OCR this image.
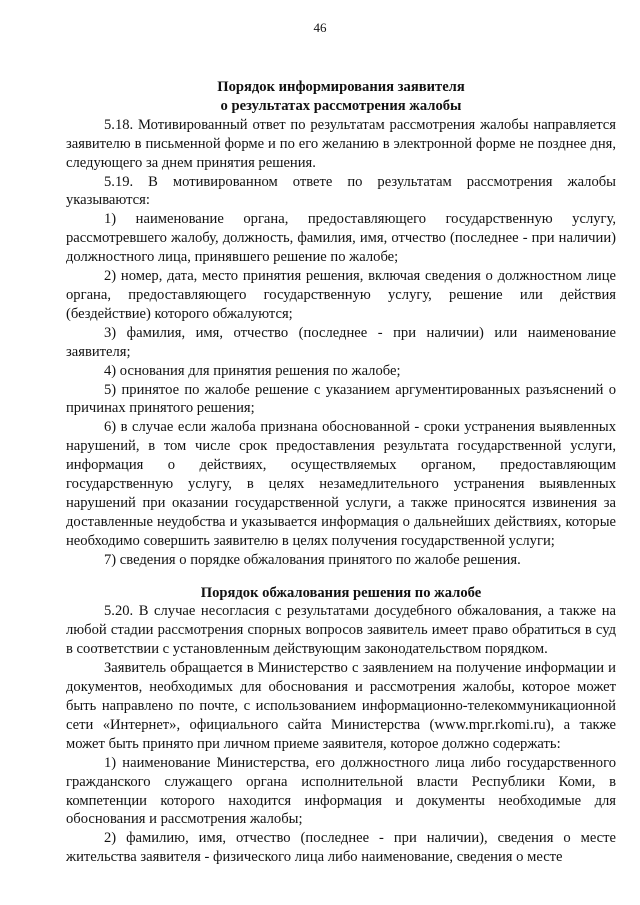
46

Порядок информирования заявителя

о результатах рассмотрения жалобы

5.18. Мотивированный ответ по результатам рассмотрения жалобы направляется заявителю в письменной форме и по его желанию в электронной форме не позднее дня, следующего за днем принятия решения.

5.19. В мотивированном ответе по результатам рассмотрения жалобы указываются:

1) наименование органа, предоставляющего государственную услугу, рассмотревшего жалобу, должность, фамилия, имя, отчество (последнее - при наличии) должностного лица, принявшего решение по жалобе;

2) номер, дата, место принятия решения, включая сведения о должностном лице органа, предоставляющего государственную услугу, решение или действия (бездействие) которого обжалуются;

3) фамилия, имя, отчество (последнее - при наличии) или наименование заявителя;

4) основания для принятия решения по жалобе;

5) принятое по жалобе решение с указанием аргументированных разъяснений о причинах принятого решения;

6) в случае если жалоба признана обоснованной - сроки устранения выявленных нарушений, в том числе срок предоставления результата государственной услуги, информация о действиях, осуществляемых органом, предоставляющим государственную услугу, в целях незамедлительного устранения выявленных нарушений при оказании государственной услуги, а также приносятся извинения за доставленные неудобства и указывается информация о дальнейших действиях, которые необходимо совершить заявителю в целях получения государственной услуги;

7) сведения о порядке обжалования принятого по жалобе решения.

Порядок обжалования решения по жалобе

5.20. В случае несогласия с результатами досудебного обжалования, а также на любой стадии рассмотрения спорных вопросов заявитель имеет право обратиться в суд в соответствии с установленным действующим законодательством порядком.

Заявитель обращается в Министерство с заявлением на получение информации и документов, необходимых для обоснования и рассмотрения жалобы, которое может быть направлено по почте, с использованием информационно-телекоммуникационной сети «Интернет», официального сайта Министерства (www.mpr.rkomi.ru), а также может быть принято при личном приеме заявителя, которое должно содержать:

1) наименование Министерства, его должностного лица либо государственного гражданского служащего органа исполнительной власти Республики Коми, в компетенции которого находится информация и документы необходимые для обоснования и рассмотрения жалобы;

2) фамилию, имя, отчество (последнее - при наличии), сведения о месте жительства заявителя - физического лица либо наименование, сведения о месте
